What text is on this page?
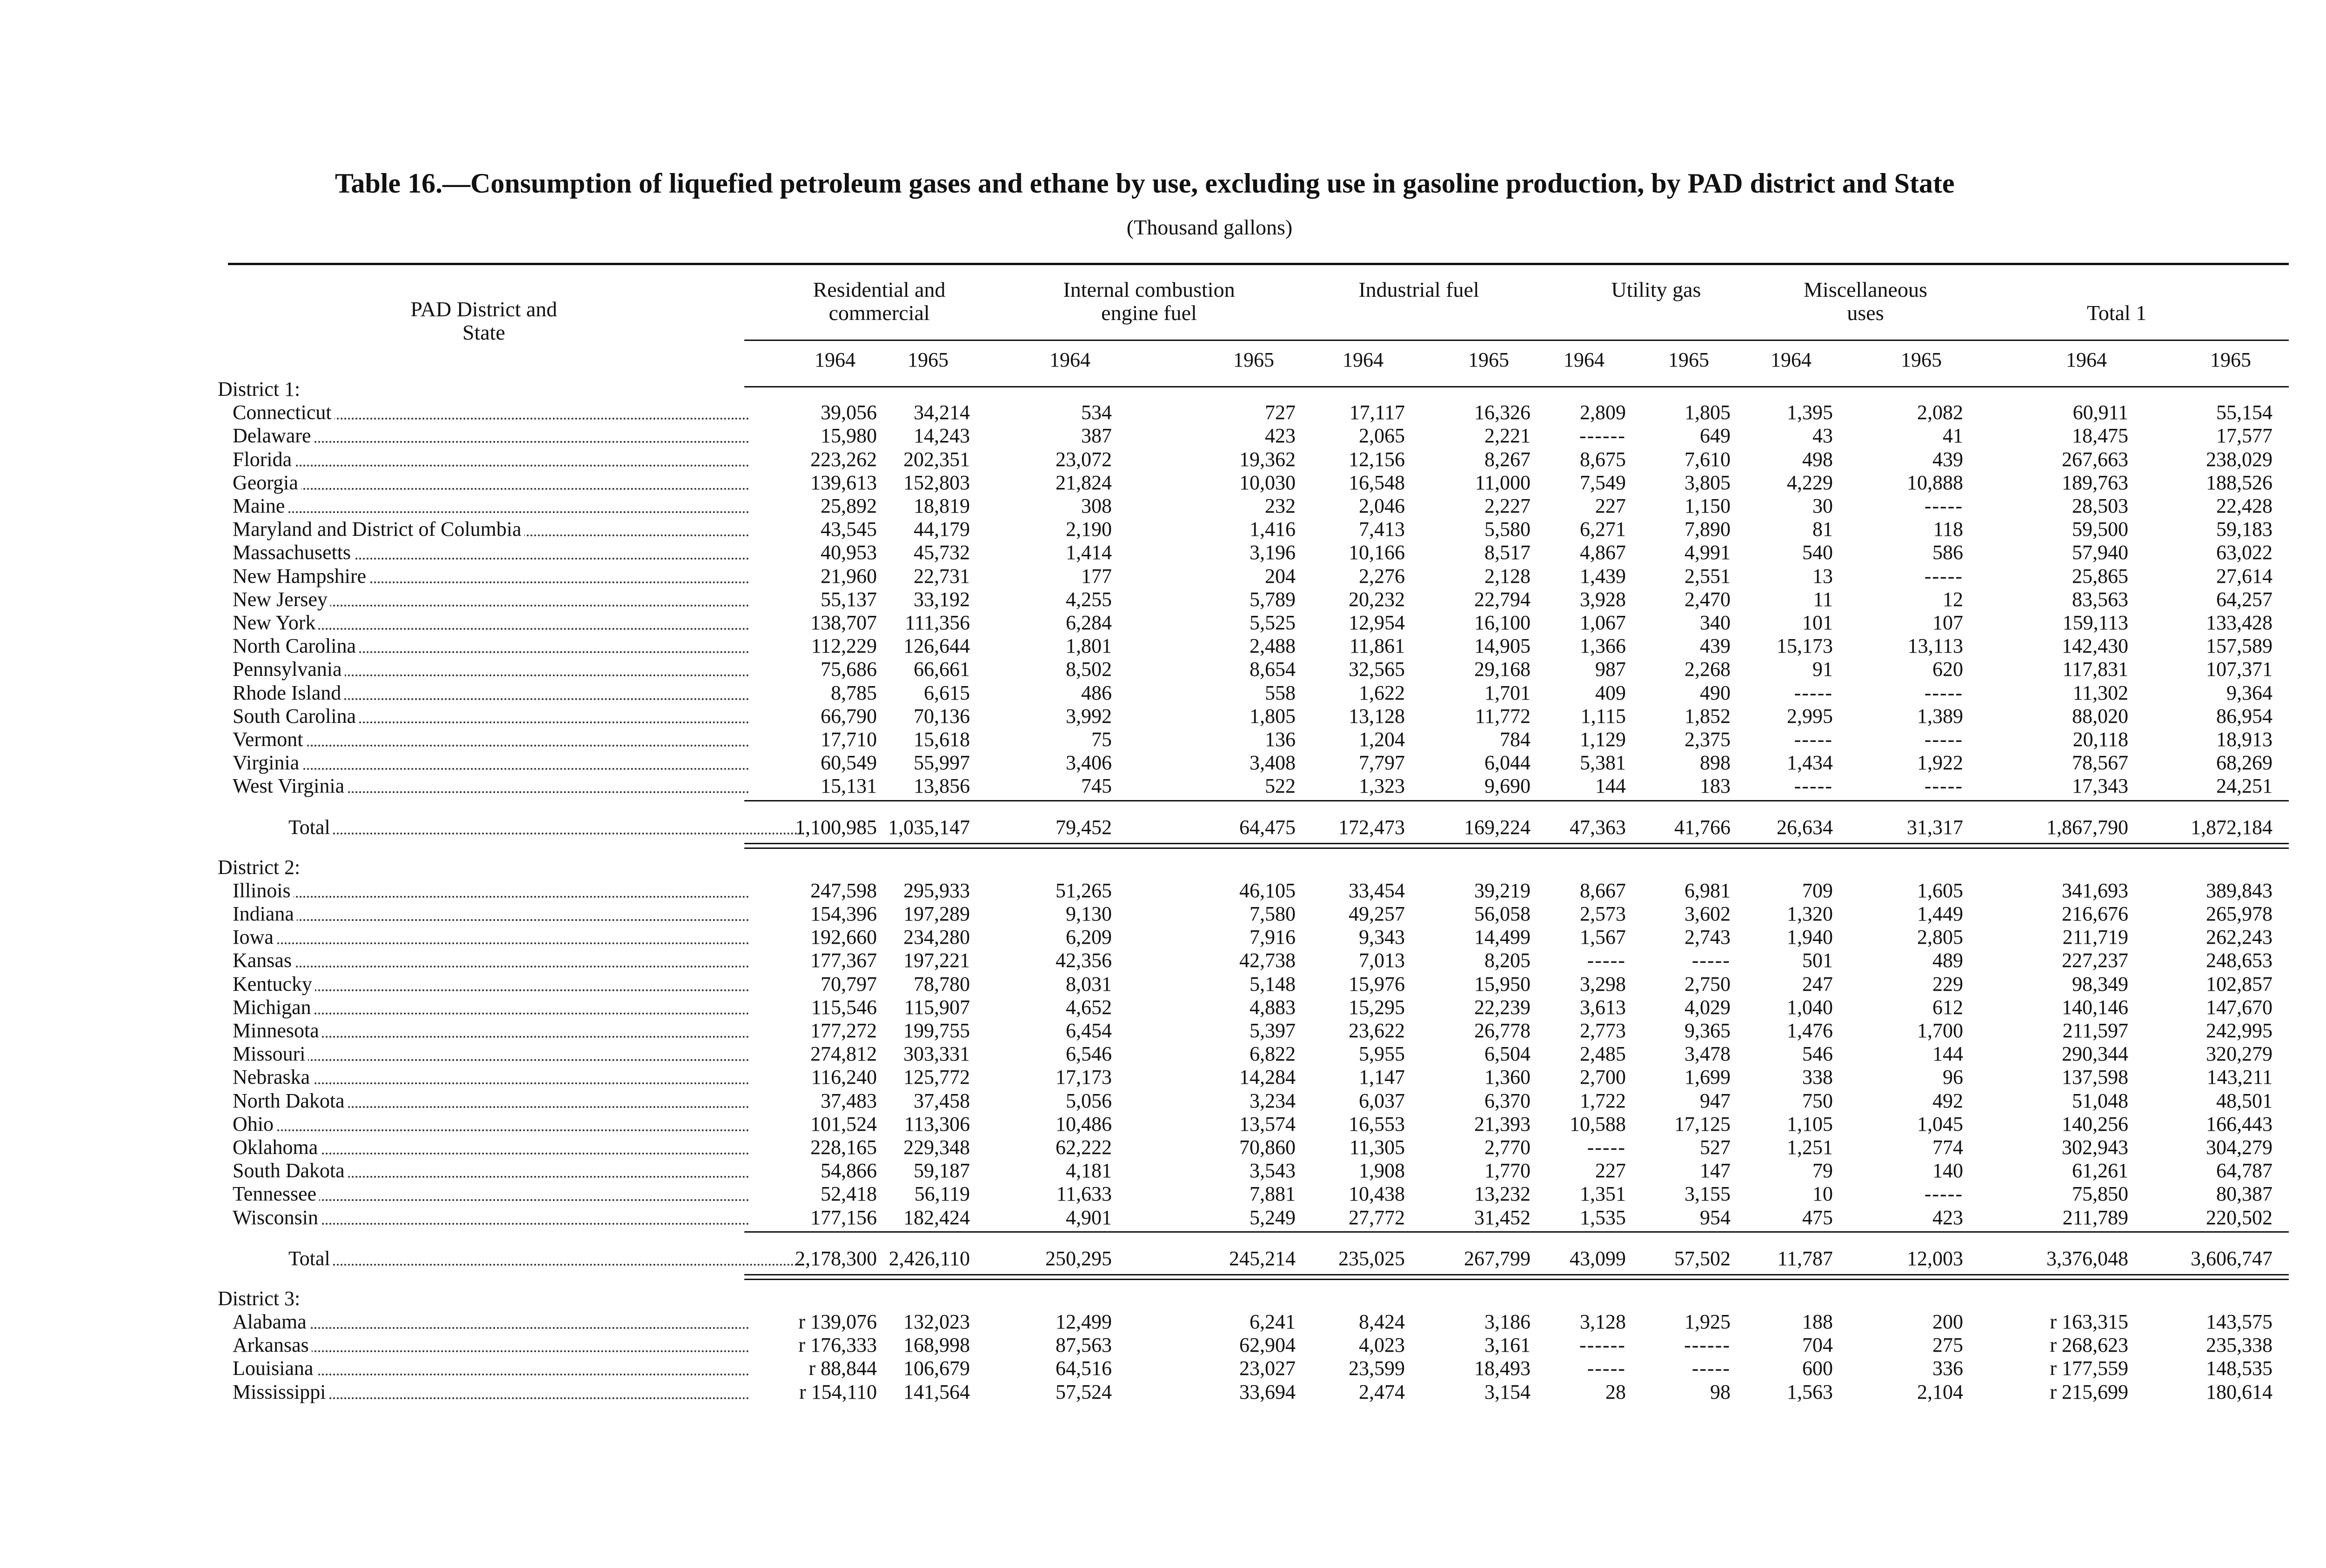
Table 16.—Consumption of liquefied petroleum gases and ethane by use, excluding use in gasoline production, by PAD district and State
(Thousand gallons)
PAD District and State
Residential and commercial
Internal combustion engine fuel
Industrial fuel	Utility gas	Miscellaneous uses	Total 1
1964	1965	1964	1965	1964	1965	1964	1965	1964	1965	1964	1965
District 1:
Connecticut	39,056	34,214	534	727	17,117	16,326	2,809	1,805	1,395	2,082	60,911	55,154
Delaware	15,980	14,243	387	423	2,065	2,221	------	649	43	41	18,475	17,577
Florida	223,262	202,351	23,072	19,362	12,156	8,267	8,675	7,610	498	439	267,663	238,029
Georgia	139,613	152,803	21,824	10,030	16,548	11,000	7,549	3,805	4,229	10,888	189,763	188,526
Maine	25,892	18,819	308	232	2,046	2,227	227	1,150	30	-----	28,503	22,428
Maryland and District of Columbia	43,545	44,179	2,190	1,416	7,413	5,580	6,271	7,890	81	118	59,500	59,183
Massachusetts	40,953	45,732	1,414	3,196	10,166	8,517	4,867	4,991	540	586	57,940	63,022
New Hampshire	21,960	22,731	177	204	2,276	2,128	1,439	2,551	13	-----	25,865	27,614
New Jersey	55,137	33,192	4,255	5,789	20,232	22,794	3,928	2,470	11	12	83,563	64,257
New York	138,707	111,356	6,284	5,525	12,954	16,100	1,067	340	101	107	159,113	133,428
North Carolina	112,229	126,644	1,801	2,488	11,861	14,905	1,366	439	15,173	13,113	142,430	157,589
Pennsylvania	75,686	66,661	8,502	8,654	32,565	29,168	987	2,268	91	620	117,831	107,371
Rhode Island	8,785	6,615	486	558	1,622	1,701	409	490	-----	-----	11,302	9,364
South Carolina	66,790	70,136	3,992	1,805	13,128	11,772	1,115	1,852	2,995	1,389	88,020	86,954
Vermont	17,710	15,618	75	136	1,204	784	1,129	2,375	-----	-----	20,118	18,913
Virginia	60,549	55,997	3,406	3,408	7,797	6,044	5,381	898	1,434	1,922	78,567	68,269
West Virginia	15,131	13,856	745	522	1,323	9,690	144	183	-----	-----	17,343	24,251
Total	1,100,985 1,035,147	79,452	64,475	172,473	169,224	47,363	41,766	26,634	31,317	1,867,790	1,872,184
District 2:
Illinois	247,598	295,933	51,265	46,105	33,454	39,219	8,667	6,981	709	1,605	341,693	389,843
Indiana	154,396	197,289	9,130	7,580	49,257	56,058	2,573	3,602	1,320	1,449	216,676	265,978
Iowa	192,660	234,280	6,209	7,916	9,343	14,499	1,567	2,743	1,940	2,805	211,719	262,243
Kansas	177,367	197,221	42,356	42,738	7,013	8,205	-----	-----	501	489	227,237	248,653
Kentucky	70,797	78,780	8,031	5,148	15,976	15,950	3,298	2,750	247	229	98,349	102,857
Michigan	115,546	115,907	4,652	4,883	15,295	22,239	3,613	4,029	1,040	612	140,146	147,670
Minnesota	177,272	199,755	6,454	5,397	23,622	26,778	2,773	9,365	1,476	1,700	211,597	242,995
Missouri	274,812	303,331	6,546	6,822	5,955	6,504	2,485	3,478	546	144	290,344	320,279
Nebraska	116,240	125,772	17,173	14,284	1,147	1,360	2,700	1,699	338	96	137,598	143,211
North Dakota	37,483	37,458	5,056	3,234	6,037	6,370	1,722	947	750	492	51,048	48,501
Ohio	101,524	113,306	10,486	13,574	16,553	21,393	10,588	17,125	1,105	1,045	140,256	166,443
Oklahoma	228,165	229,348	62,222	70,860	11,305	2,770	-----	527	1,251	774	302,943	304,279
South Dakota	54,866	59,187	4,181	3,543	1,908	1,770	227	147	79	140	61,261	64,787
Tennessee	52,418	56,119	11,633	7,881	10,438	13,232	1,351	3,155	10	-----	75,850	80,387
Wisconsin	177,156	182,424	4,901	5,249	27,772	31,452	1,535	954	475	423	211,789	220,502
Total	2,178,300 2,426,110	250,295	245,214	235,025	267,799	43,099	57,502	11,787	12,003	3,376,048	3,606,747
District 3:
Alabama	r 139,076	132,023	12,499	6,241	8,424	3,186	3,128	1,925	188	200	r 163,315	143,575
Arkansas	r 176,333	168,998	87,563	62,904	4,023	3,161	------	------	704	275	r 268,623	235,338
Louisiana	r 88,844	106,679	64,516	23,027	23,599	18,493	-----	-----	600	336	r 177,559	148,535
Mississippi	r 154,110	141,564	57,524	33,694	2,474	3,154	28	98	1,563	2,104	r 215,699	180,614
